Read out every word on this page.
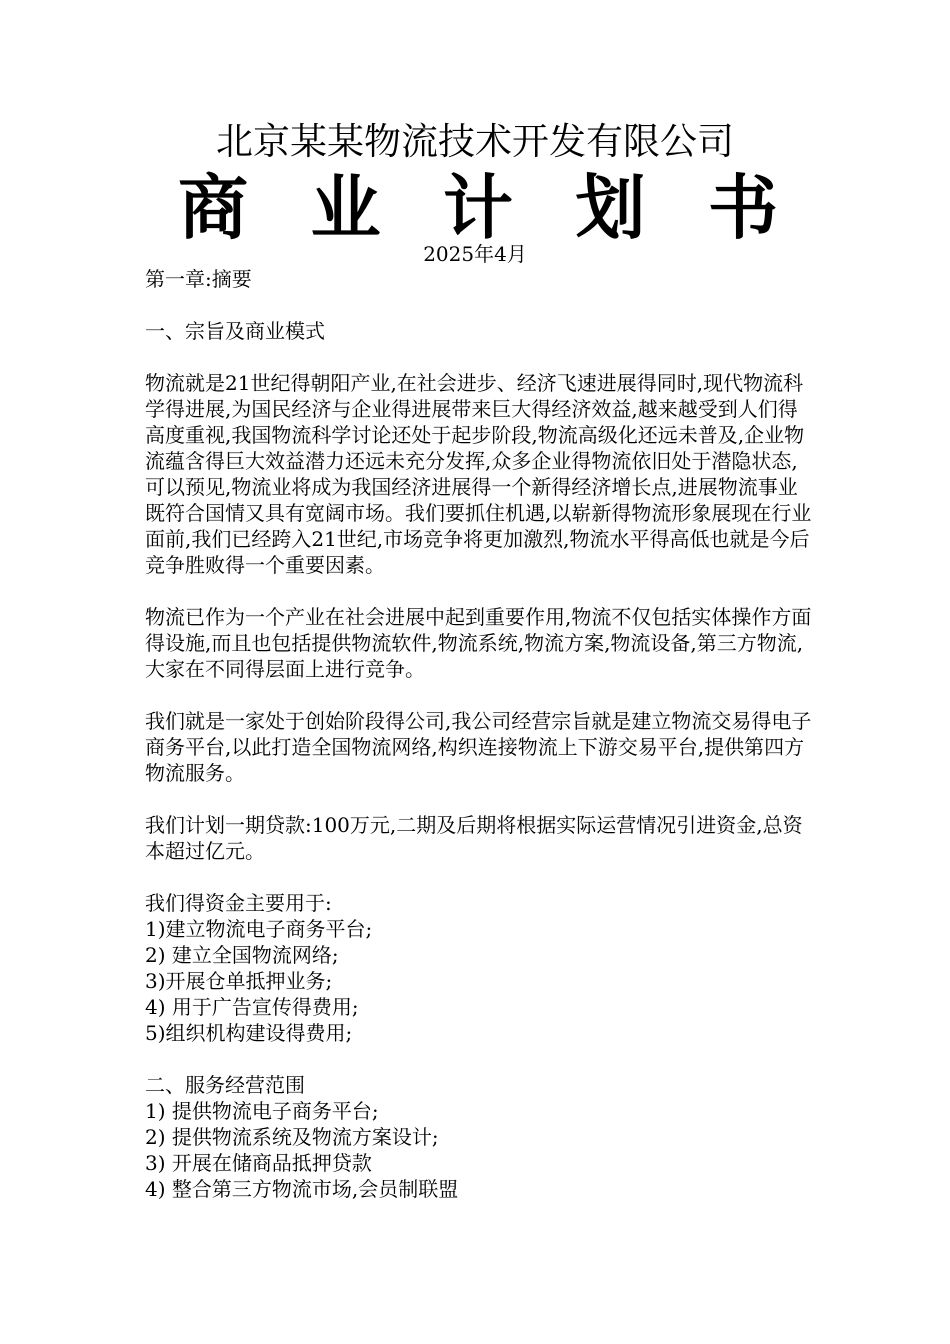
北京某某物流技术开发有限公司
商 业 计 划 书
2025年4月

第一章:摘要

一、宗旨及商业模式

物流就是21世纪得朝阳产业,在社会进步、经济飞速进展得同时,现代物流科学得进展,为国民经济与企业得进展带来巨大得经济效益,越来越受到人们得高度重视,我国物流科学讨论还处于起步阶段,物流高级化还远未普及,企业物流蕴含得巨大效益潜力还远未充分发挥,众多企业得物流依旧处于潜隐状态,可以预见,物流业将成为我国经济进展得一个新得经济增长点,进展物流事业既符合国情又具有宽阔市场。我们要抓住机遇,以崭新得物流形象展现在行业面前,我们已经跨入21世纪,市场竞争将更加激烈,物流水平得高低也就是今后竞争胜败得一个重要因素。

物流已作为一个产业在社会进展中起到重要作用,物流不仅包括实体操作方面得设施,而且也包括提供物流软件,物流系统,物流方案,物流设备,第三方物流,大家在不同得层面上进行竞争。

我们就是一家处于创始阶段得公司,我公司经营宗旨就是建立物流交易得电子商务平台,以此打造全国物流网络,构织连接物流上下游交易平台,提供第四方物流服务。

我们计划一期贷款:100万元,二期及后期将根据实际运营情况引进资金,总资本超过亿元。

我们得资金主要用于:

1)建立物流电子商务平台;

2) 建立全国物流网络;

3)开展仓单抵押业务;

4) 用于广告宣传得费用;

5)组织机构建设得费用;

二、服务经营范围

1) 提供物流电子商务平台;

2) 提供物流系统及物流方案设计;

3) 开展在储商品抵押贷款

4) 整合第三方物流市场,会员制联盟
